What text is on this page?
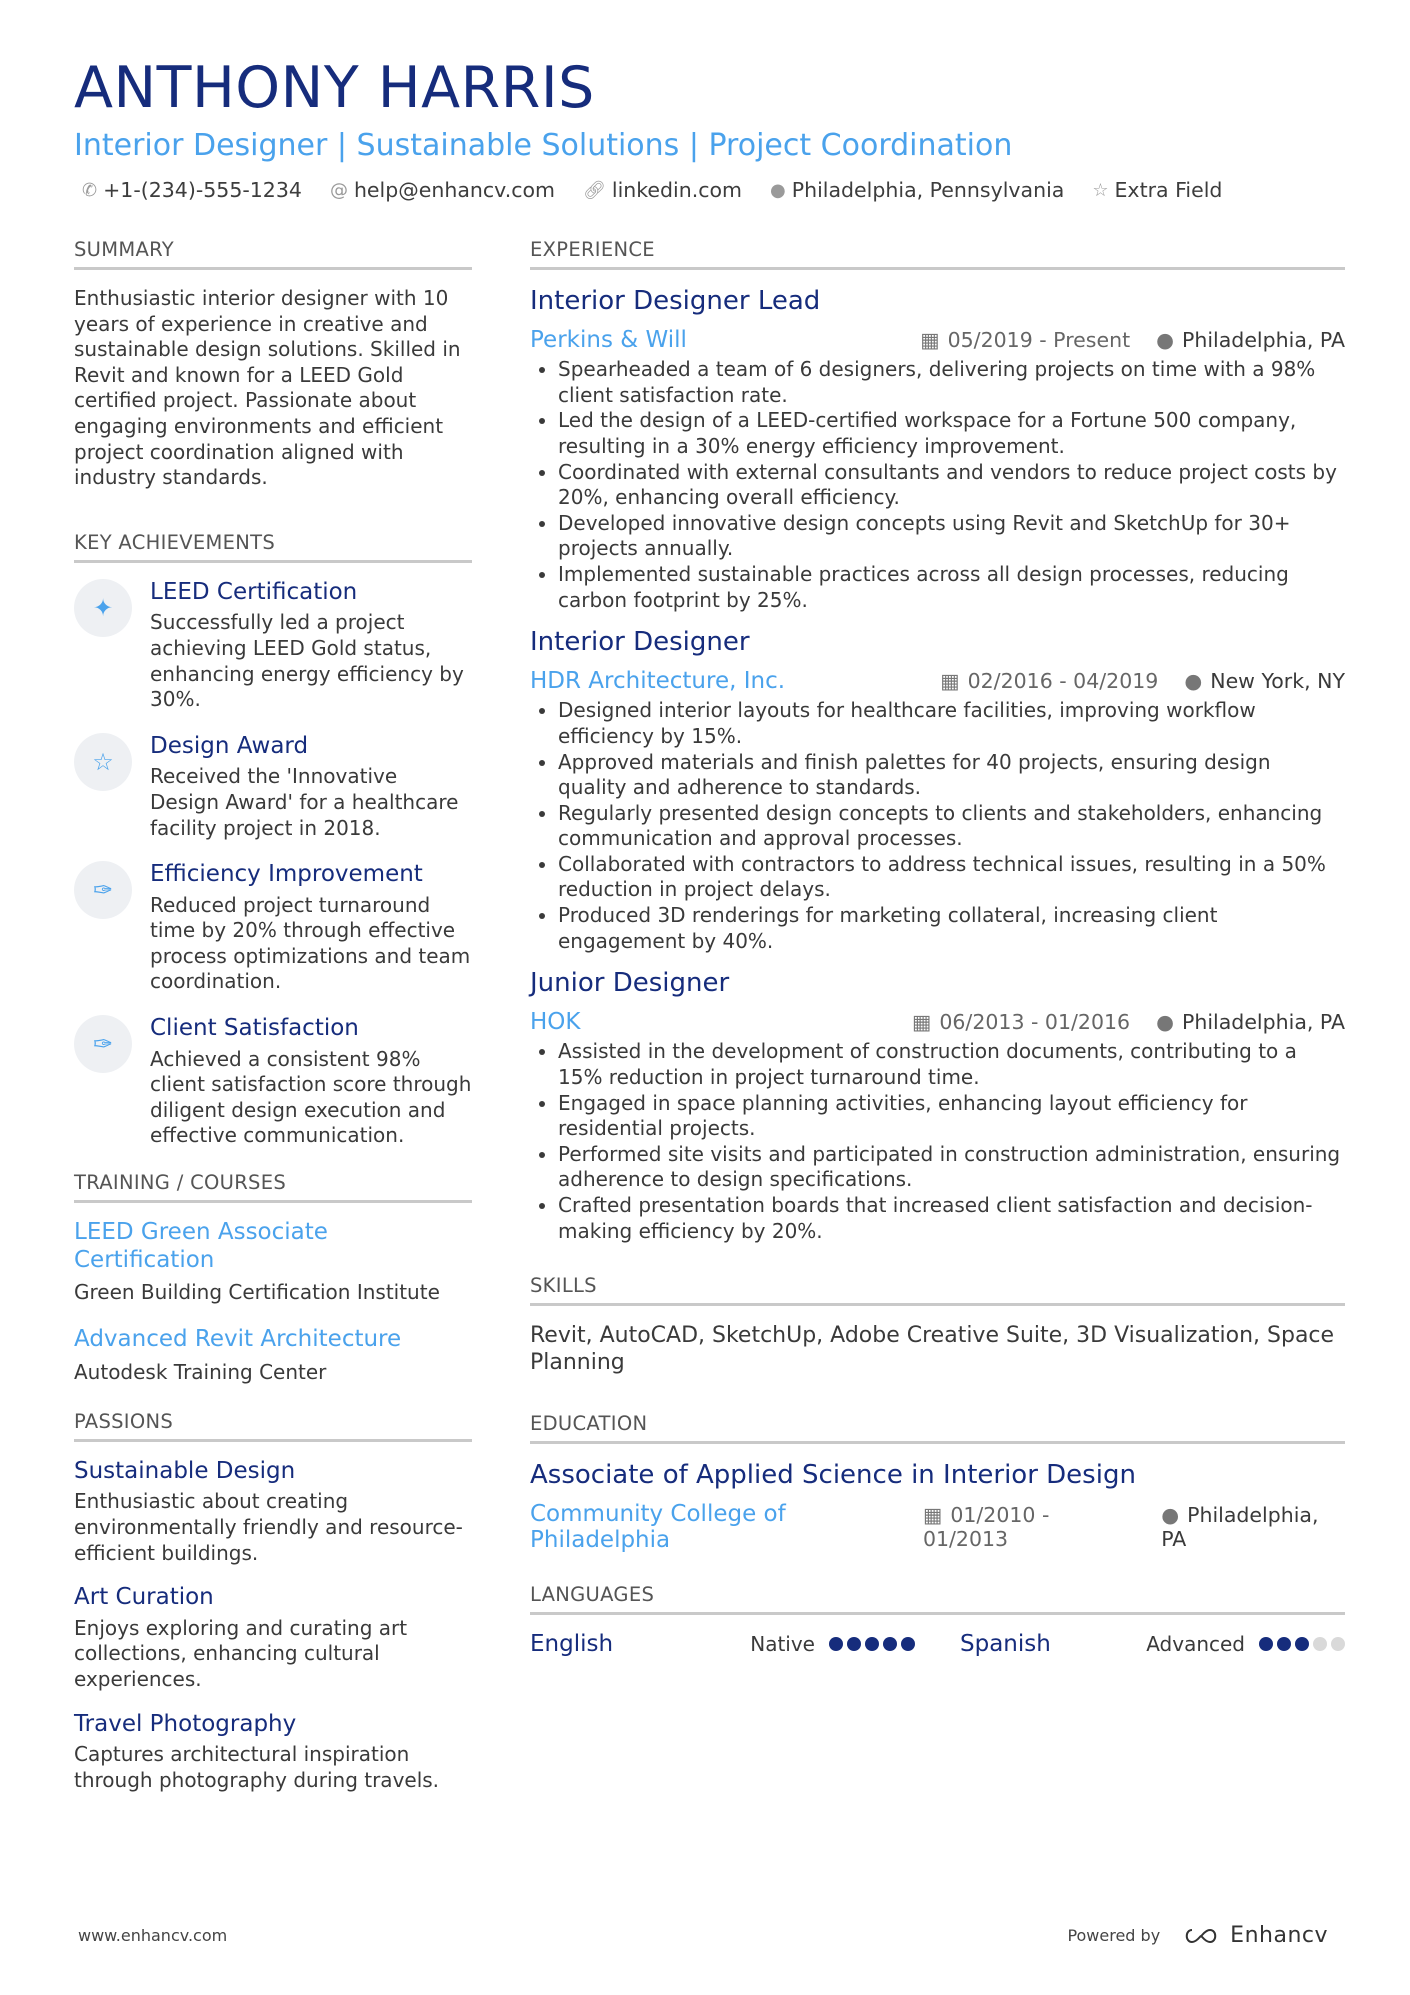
ANTHONY HARRIS
Interior Designer | Sustainable Solutions | Project Coordination
✆ +1-(234)-555-1234 @ help@enhancv.com 🔗︎ linkedin.com ● Philadelphia, Pennsylvania ☆ Extra Field
SUMMARY
Enthusiastic interior designer with 10 years of experience in creative and sustainable design solutions. Skilled in Revit and known for a LEED Gold certified project. Passionate about engaging environments and efficient project coordination aligned with industry standards.
KEY ACHIEVEMENTS
✦
LEED Certification
Successfully led a project achieving LEED Gold status, enhancing energy efficiency by 30%.
☆
Design Award
Received the 'Innovative Design Award' for a healthcare facility project in 2018.
✑
Efficiency Improvement
Reduced project turnaround time by 20% through effective process optimizations and team coordination.
✑
Client Satisfaction
Achieved a consistent 98% client satisfaction score through diligent design execution and effective communication.
TRAINING / COURSES
LEED Green Associate Certification
Green Building Certification Institute
Advanced Revit Architecture
Autodesk Training Center
PASSIONS
Sustainable Design
Enthusiastic about creating environmentally friendly and resource-efficient buildings.
Art Curation
Enjoys exploring and curating art collections, enhancing cultural experiences.
Travel Photography
Captures architectural inspiration through photography during travels.
EXPERIENCE
Interior Designer Lead
Perkins & Will	▦ 05/2019 - Present ● Philadelphia, PA
• Spearheaded a team of 6 designers, delivering projects on time with a 98% client satisfaction rate.
• Led the design of a LEED-certified workspace for a Fortune 500 company, resulting in a 30% energy efficiency improvement.
• Coordinated with external consultants and vendors to reduce project costs by 20%, enhancing overall efficiency.
• Developed innovative design concepts using Revit and SketchUp for 30+ projects annually.
• Implemented sustainable practices across all design processes, reducing carbon footprint by 25%.
Interior Designer
HDR Architecture, Inc.	▦ 02/2016 - 04/2019 ● New York, NY
• Designed interior layouts for healthcare facilities, improving workflow efficiency by 15%.
• Approved materials and finish palettes for 40 projects, ensuring design quality and adherence to standards.
• Regularly presented design concepts to clients and stakeholders, enhancing communication and approval processes.
• Collaborated with contractors to address technical issues, resulting in a 50% reduction in project delays.
• Produced 3D renderings for marketing collateral, increasing client engagement by 40%.
Junior Designer
HOK	▦ 06/2013 - 01/2016 ● Philadelphia, PA
• Assisted in the development of construction documents, contributing to a 15% reduction in project turnaround time.
• Engaged in space planning activities, enhancing layout efficiency for residential projects.
• Performed site visits and participated in construction administration, ensuring adherence to design specifications.
• Crafted presentation boards that increased client satisfaction and decision-making efficiency by 20%.
SKILLS
Revit, AutoCAD, SketchUp, Adobe Creative Suite, 3D Visualization, Space Planning
EDUCATION
Associate of Applied Science in Interior Design
Community College of Philadelphia
▦ 01/2010 - 01/2013
● Philadelphia, PA
LANGUAGES
English	Native	Spanish	Advanced
www.enhancv.com	Powered by	Enhancv
